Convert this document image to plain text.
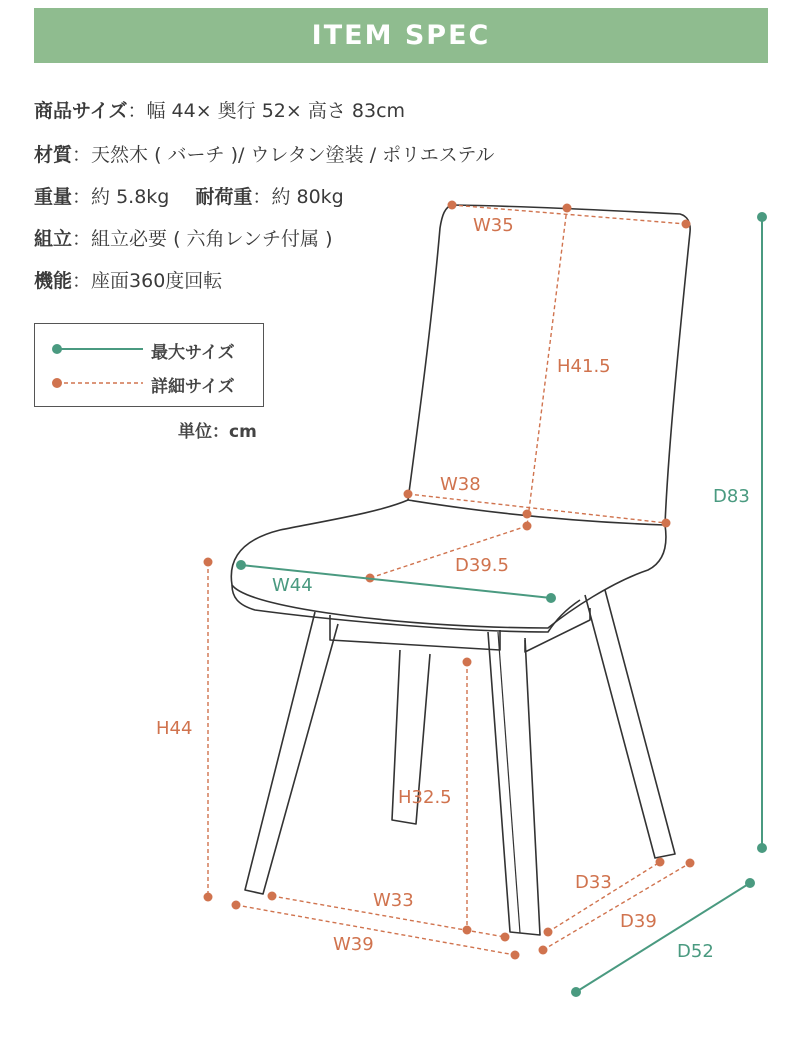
ITEM SPEC
商品サイズ：幅 44× 奥行 52× 高さ 83cm
材質：天然木 ( バーチ )/ ウレタン塗装 / ポリエステル
重量：約 5.8kg 耐荷重：約 80kg
組立：組立必要 ( 六角レンチ付属 )
機能：座面360度回転
最大サイズ
詳細サイズ
単位：cm
W35
H41.5
W38
D39.5
W44
D83
H44
H32.5
W33
W39
D33
D39
D52
